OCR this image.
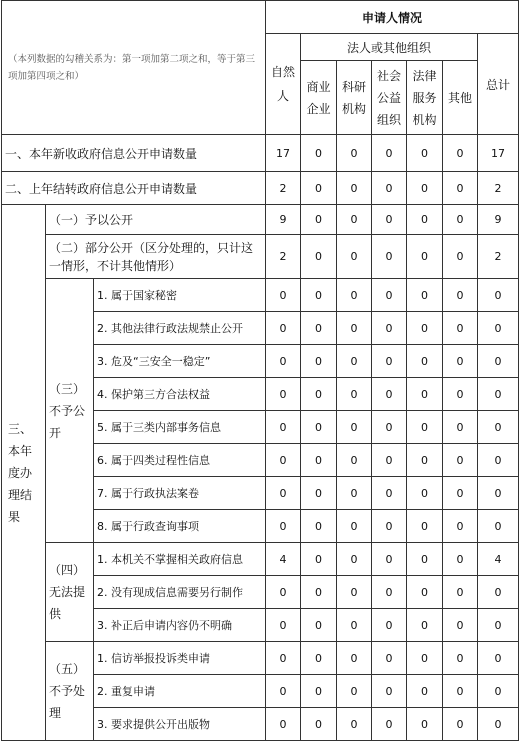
（本列数据的勾稽关系为：第一项加第二项之和，等于第三项加第四项之和）			申请人情况						
			自然人	法人或其他组织					总计
				商业企业	科研机构	社会公益组织	法律服务机构	其他	
一、本年新收政府信息公开申请数量			17	0	0	0	0	0	17
二、上年结转政府信息公开申请数量			2	0	0	0	0	0	2
三、本年度办理结果	（一）予以公开		9	0	0	0	0	0	9
	（二）部分公开（区分处理的，只计这一情形，不计其他情形）		2	0	0	0	0	0	2
	（三）不予公开	1. 属于国家秘密	0	0	0	0	0	0	0
		2. 其他法律行政法规禁止公开	0	0	0	0	0	0	0
		3. 危及“三安全一稳定”	0	0	0	0	0	0	0
		4. 保护第三方合法权益	0	0	0	0	0	0	0
		5. 属于三类内部事务信息	0	0	0	0	0	0	0
		6. 属于四类过程性信息	0	0	0	0	0	0	0
		7. 属于行政执法案卷	0	0	0	0	0	0	0
		8. 属于行政查询事项	0	0	0	0	0	0	0
	（四）无法提供	1. 本机关不掌握相关政府信息	4	0	0	0	0	0	4
		2. 没有现成信息需要另行制作	0	0	0	0	0	0	0
		3. 补正后申请内容仍不明确	0	0	0	0	0	0	0
	（五）不予处理	1. 信访举报投诉类申请	0	0	0	0	0	0	0
		2. 重复申请	0	0	0	0	0	0	0
		3. 要求提供公开出版物	0	0	0	0	0	0	0
